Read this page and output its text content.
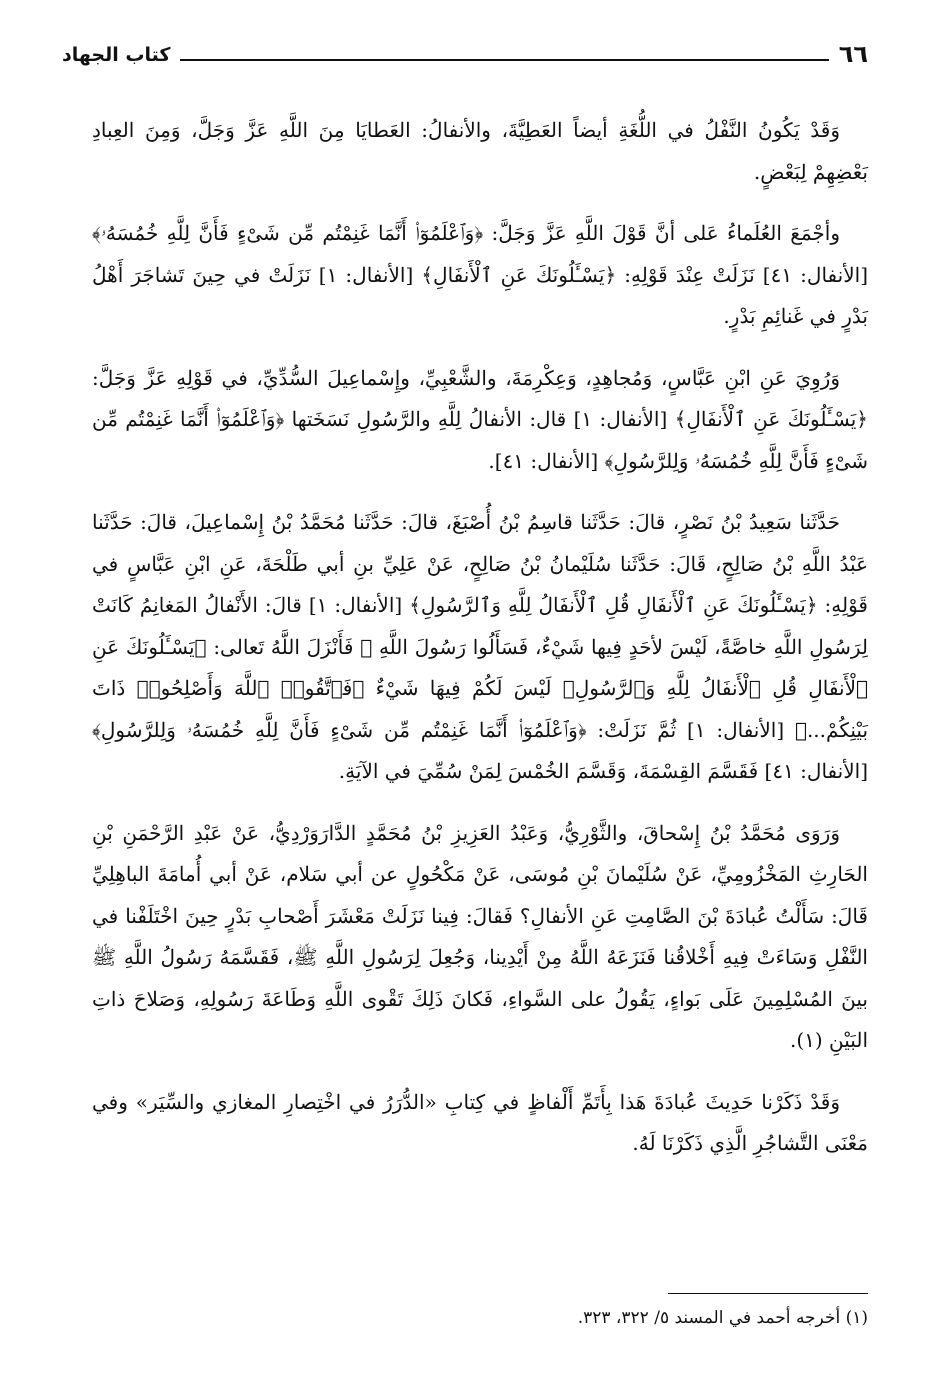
٦٦
كتاب الجهاد

وَقَدْ يَكُونُ النَّفْلُ في اللُّغَةِ أيضاً العَطِيَّةَ، والأنفالُ: العَطايَا مِنَ اللَّهِ عَزَّ وَجَلَّ، وَمِنَ العِبادِ بَعْضِهِمْ لِبَعْضٍ.

وأجْمَعَ العُلَماءُ عَلى أنَّ قَوْلَ اللَّهِ عَزَّ وَجَلَّ: ﴿وَٱعْلَمُوٓا۟ أَنَّمَا غَنِمْتُم مِّن شَىْءٍ فَأَنَّ لِلَّهِ خُمُسَهُۥ﴾ [الأنفال: ٤١] نَزَلَتْ عِنْدَ قَوْلِهِ: ﴿يَسْـَٔلُونَكَ عَنِ ٱلْأَنفَالِ﴾ [الأنفال: ١] نَزَلَتْ في حِينَ تَشاجَرَ أَهْلُ بَدْرٍ في غَنائِمِ بَدْرٍ.

وَرُوِيَ عَنِ ابْنِ عَبَّاسٍ، وَمُجاهِدٍ، وَعِكْرِمَةَ، والشَّعْبِيِّ، وإِسْماعِيلَ السُّدِّيِّ، في قَوْلِهِ عَزَّ وَجَلَّ: ﴿يَسْـَٔلُونَكَ عَنِ ٱلْأَنفَالِ﴾ [الأنفال: ١] قال: الأنفالُ لِلَّهِ والرَّسُولِ نَسَخَتها ﴿وَٱعْلَمُوٓا۟ أَنَّمَا غَنِمْتُم مِّن شَىْءٍ فَأَنَّ لِلَّهِ خُمُسَهُۥ وَلِلرَّسُولِ﴾ [الأنفال: ٤١].

حَدَّثَنا سَعِيدُ بْنُ نَصْرٍ، قالَ: حَدَّثَنا قاسِمُ بْنُ أُصْبَغَ، قالَ: حَدَّثَنا مُحَمَّدُ بْنُ إِسْماعِيلَ، قالَ: حَدَّثَنا عَبْدُ اللَّهِ بْنُ صَالِحٍ، قَالَ: حَدَّثَنا سُلَيْمانُ بْنُ صَالِحٍ، عَنْ عَلِيِّ بنِ أبي طَلْحَةَ، عَنِ ابْنِ عَبَّاسٍ في قَوْلِهِ: ﴿يَسْـَٔلُونَكَ عَنِ ٱلْأَنفَالِ قُلِ ٱلْأَنفَالُ لِلَّهِ وَٱلرَّسُولِ﴾ [الأنفال: ١] قالَ: الأَنْفالُ المَغانِمُ كَانَتْ لِرَسُولِ اللَّهِ خاصَّةً، لَيْسَ لأحَدٍ فِيها شَيْءٌ، فَسَأَلُوا رَسُولَ اللَّهِ ﷺ فَأَنْزَلَ اللَّهُ تَعالى: ﴿يَسْـَٔلُونَكَ عَنِ ٱلْأَنفَالِ قُلِ ٱلْأَنفَالُ لِلَّهِ وَٱلرَّسُولِ﴾ لَيْسَ لَكُمْ فِيهَا شَيْءٌ ﴿فَٱتَّقُوا۟ ٱللَّهَ وَأَصْلِحُوا۟ ذَاتَ بَيْنِكُمْ...﴾ [الأنفال: ١] ثُمَّ نَزَلَتْ: ﴿وَٱعْلَمُوٓا۟ أَنَّمَا غَنِمْتُم مِّن شَىْءٍ فَأَنَّ لِلَّهِ خُمُسَهُۥ وَلِلرَّسُولِ﴾ [الأنفال: ٤١] فَقَسَّمَ القِسْمَةَ، وَقَسَّمَ الخُمْسَ لِمَنْ سُمِّيَ في الآيَةِ.

وَرَوَى مُحَمَّدُ بْنُ إِسْحاقَ، والثَّوْرِيُّ، وَعَبْدُ العَزِيزِ بْنُ مُحَمَّدٍ الدَّارَوَرْدِيُّ، عَنْ عَبْدِ الرَّحْمَنِ بْنِ الحَارِثِ المَخْزُومِيِّ، عَنْ سُلَيْمانَ بْنِ مُوسَى، عَنْ مَكْحُولٍ عن أبي سَلام، عَنْ أبي أُمامَةَ الباهِلِيِّ قَالَ: سَأَلْتُ عُبادَةَ بْنَ الصَّامِتِ عَنِ الأنفالِ؟ فَقالَ: فِينا نَزَلَتْ مَعْشَرَ أَصْحابِ بَدْرٍ حِينَ اخْتَلَفْنا في النَّفْلِ وَسَاءَتْ فِيهِ أَخْلاقُنا فَنَزَعَهُ اللَّهُ مِنْ أَيْدِينا، وَجُعِلَ لِرَسُولِ اللَّهِ ﷺ، فَقَسَّمَهُ رَسُولُ اللَّهِ ﷺ بينَ المُسْلِمِينَ عَلَى بَواءٍ، يَقُولُ على السَّواءِ، فَكانَ ذَلِكَ تَقْوى اللَّهِ وَطَاعَةَ رَسُولِهِ، وَصَلاحَ ذاتِ البَيْنِ (١).

وَقَدْ ذَكَرْنا حَدِيثَ عُبادَةَ هَذا بِأَتَمِّ أَلْفاظٍ في كِتابِ «الدُّرَرُ في اخْتِصارِ المغازي والسِّيَر» وفي مَعْنَى التَّشاجُرِ الَّذِي ذَكَرْنَا لَهُ.

(١) أخرجه أحمد في المسند ٥/ ٣٢٢، ٣٢٣.
